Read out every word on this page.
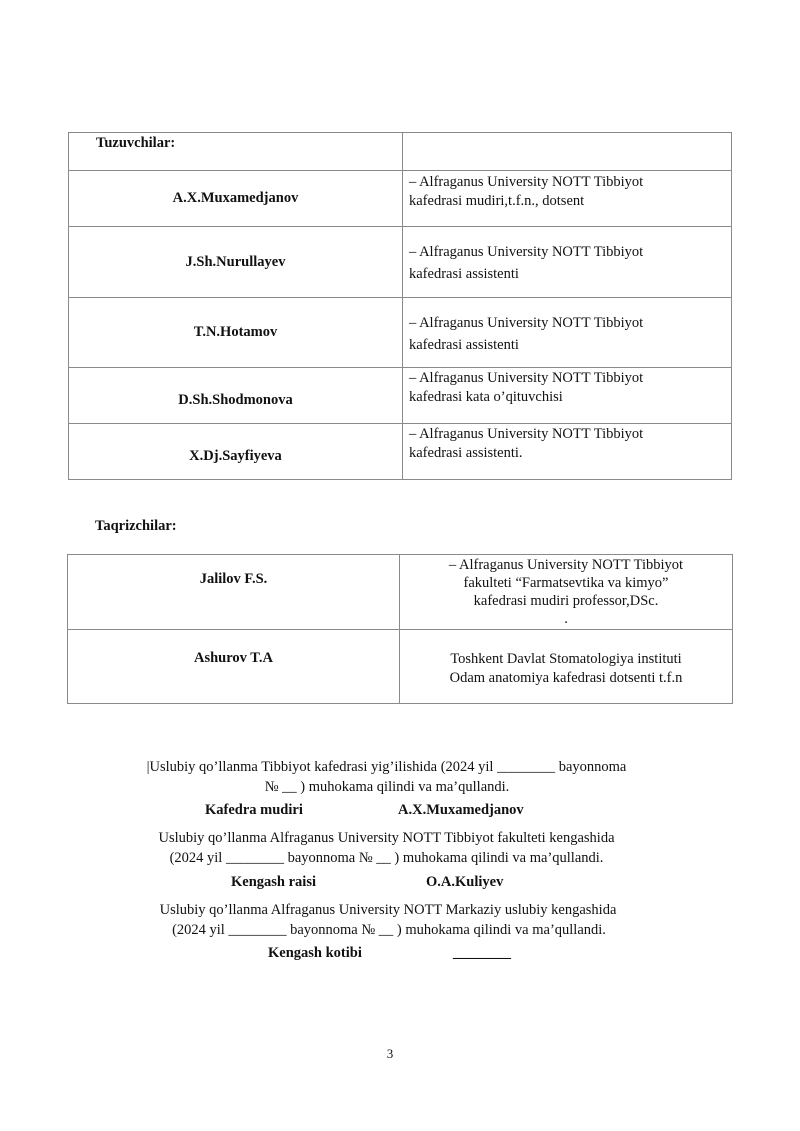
Tuzuvchilar:	

A.X.Muxamedjanov	– Alfraganus University NOTT Tibbiyot
kafedrasi mudiri,t.f.n., dotsent

J.Sh.Nurullayev	– Alfraganus University NOTT Tibbiyot
kafedrasi assistenti

T.N.Hotamov	– Alfraganus University NOTT Tibbiyot
kafedrasi assistenti

D.Sh.Shodmonova	– Alfraganus University NOTT Tibbiyot
kafedrasi kata o’qituvchisi

X.Dj.Sayfiyeva	– Alfraganus University NOTT Tibbiyot
kafedrasi assistenti.
Taqrizchilar:
Jalilov F.S.	– Alfraganus University NOTT Tibbiyot
fakulteti “Farmatsevtika va kimyo”
kafedrasi mudiri professor,DSc.
.

Ashurov T.A	Toshkent Davlat Stomatologiya instituti
Odam anatomiya kafedrasi dotsenti t.f.n
|Uslubiy qo’llanma Tibbiyot kafedrasi yig’ilishida (2024 yil ________ bayonnoma
№ __ ) muhokama qilindi va ma’qullandi.
Kafedra mudiri	A.X.Muxamedjanov
Uslubiy qo’llanma Alfraganus University NOTT Tibbiyot fakulteti kengashida
(2024 yil ________ bayonnoma № __ ) muhokama qilindi va ma’qullandi.
Kengash raisi	O.A.Kuliyev
Uslubiy qo’llanma Alfraganus University NOTT Markaziy uslubiy kengashida
(2024 yil ________ bayonnoma № __ ) muhokama qilindi va ma’qullandi.
Kengash kotibi	________
3
